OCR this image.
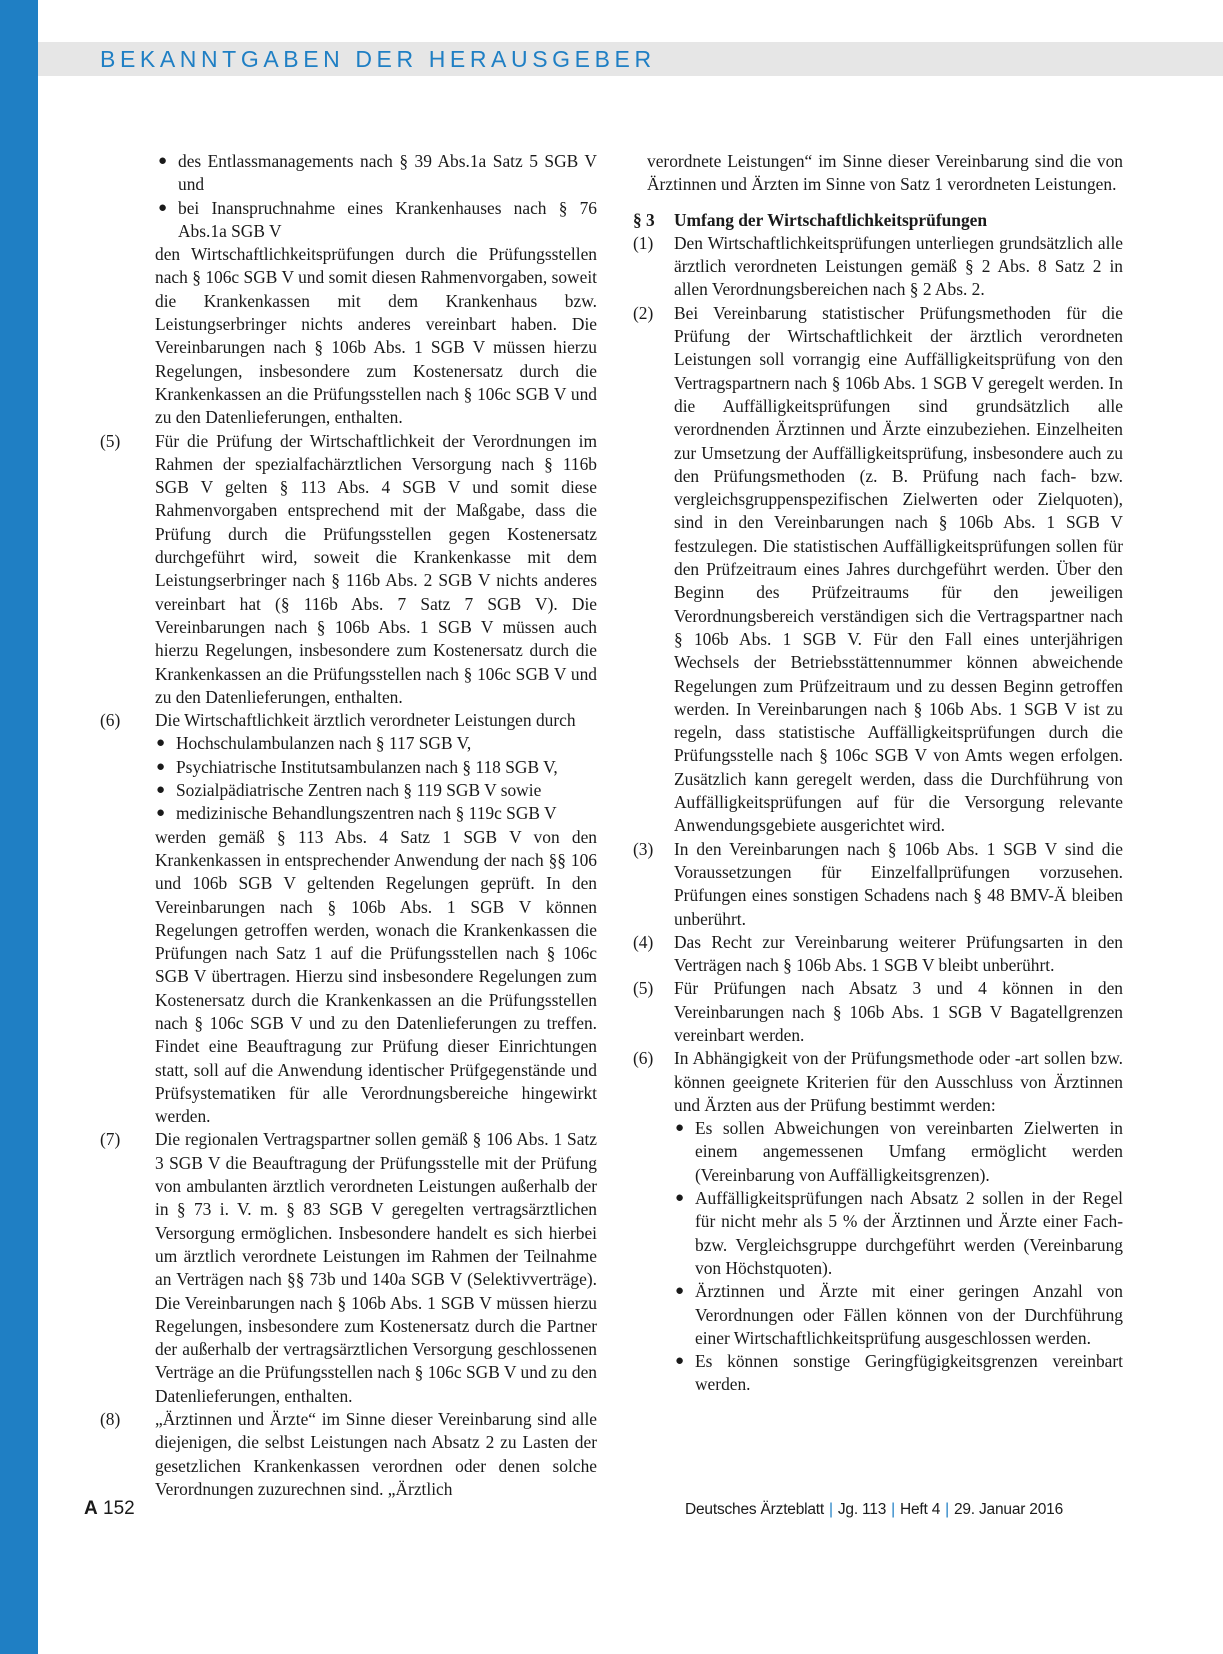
BEKANNTGABEN DER HERAUSGEBER
● des Entlassmanagements nach § 39 Abs.1a Satz 5 SGB V und
● bei Inanspruchnahme eines Krankenhauses nach § 76 Abs.1a SGB V

den Wirtschaftlichkeitsprüfungen durch die Prüfungsstellen nach § 106c SGB V und somit diesen Rahmenvorgaben, soweit die Krankenkassen mit dem Krankenhaus bzw. Leistungserbringer nichts anderes vereinbart haben. Die Vereinbarungen nach § 106b Abs. 1 SGB V müssen hierzu Regelungen, insbesondere zum Kostenersatz durch die Krankenkassen an die Prüfungsstellen nach § 106c SGB V und zu den Datenlieferungen, enthalten.

(5)	Für die Prüfung der Wirtschaftlichkeit der Verordnungen im Rahmen der spezialfachärztlichen Versorgung nach § 116b SGB V gelten § 113 Abs. 4 SGB V und somit diese Rahmenvorgaben entsprechend mit der Maßgabe, dass die Prüfung durch die Prüfungsstellen gegen Kostenersatz durchgeführt wird, soweit die Krankenkasse mit dem Leistungserbringer nach § 116b Abs. 2 SGB V nichts anderes vereinbart hat (§ 116b Abs. 7 Satz 7 SGB V). Die Vereinbarungen nach § 106b Abs. 1 SGB V müssen auch hierzu Regelungen, insbesondere zum Kostenersatz durch die Krankenkassen an die Prüfungsstellen nach § 106c SGB V und zu den Datenlieferungen, enthalten.

(6)	Die Wirtschaftlichkeit ärztlich verordneter Leistungen durch

● Hochschulambulanzen nach § 117 SGB V,
● Psychiatrische Institutsambulanzen nach § 118 SGB V,
● Sozialpädiatrische Zentren nach § 119 SGB V sowie
● medizinische Behandlungszentren nach § 119c SGB V

werden gemäß § 113 Abs. 4 Satz 1 SGB V von den Krankenkassen in entsprechender Anwendung der nach §§ 106 und 106b SGB V geltenden Regelungen geprüft. In den Vereinbarungen nach § 106b Abs. 1 SGB V können Regelungen getroffen werden, wonach die Krankenkassen die Prüfungen nach Satz 1 auf die Prüfungsstellen nach § 106c SGB V übertragen. Hierzu sind insbesondere Regelungen zum Kostenersatz durch die Krankenkassen an die Prüfungsstellen nach § 106c SGB V und zu den Datenlieferungen zu treffen. Findet eine Beauftragung zur Prüfung dieser Einrichtungen statt, soll auf die Anwendung identischer Prüfgegenstände und Prüfsystematiken für alle Verordnungsbereiche hingewirkt werden.

(7)	Die regionalen Vertragspartner sollen gemäß § 106 Abs. 1 Satz 3 SGB V die Beauftragung der Prüfungsstelle mit der Prüfung von ambulanten ärztlich verordneten Leistungen außerhalb der in § 73 i. V. m. § 83 SGB V geregelten vertragsärztlichen Versorgung ermöglichen. Insbesondere handelt es sich hierbei um ärztlich verordnete Leistungen im Rahmen der Teilnahme an Verträgen nach §§ 73b und 140a SGB V (Selektivverträge). Die Vereinbarungen nach § 106b Abs. 1 SGB V müssen hierzu Regelungen, insbesondere zum Kostenersatz durch die Partner der außerhalb der vertragsärztlichen Versorgung geschlossenen Verträge an die Prüfungsstellen nach § 106c SGB V und zu den Datenlieferungen, enthalten.

(8)	„Ärztinnen und Ärzte“ im Sinne dieser Vereinbarung sind alle diejenigen, die selbst Leistungen nach Absatz 2 zu Lasten der gesetzlichen Krankenkassen verordnen oder denen solche Verordnungen zuzurechnen sind. „Ärztlich

verordnete Leistungen“ im Sinne dieser Vereinbarung sind die von Ärztinnen und Ärzten im Sinne von Satz 1 verordneten Leistungen.

§ 3	Umfang der Wirtschaftlichkeitsprüfungen
(1)	Den Wirtschaftlichkeitsprüfungen unterliegen grundsätzlich alle ärztlich verordneten Leistungen gemäß § 2 Abs. 8 Satz 2 in allen Verordnungsbereichen nach § 2 Abs. 2.

(2)	Bei Vereinbarung statistischer Prüfungsmethoden für die Prüfung der Wirtschaftlichkeit der ärztlich verordneten Leistungen soll vorrangig eine Auffälligkeitsprüfung von den Vertragspartnern nach § 106b Abs. 1 SGB V geregelt werden. In die Auffälligkeitsprüfungen sind grundsätzlich alle verordnenden Ärztinnen und Ärzte einzubeziehen. Einzelheiten zur Umsetzung der Auffälligkeitsprüfung, insbesondere auch zu den Prüfungsmethoden (z. B. Prüfung nach fach- bzw. vergleichsgruppenspezifischen Zielwerten oder Zielquoten), sind in den Vereinbarungen nach § 106b Abs. 1 SGB V festzulegen. Die statistischen Auffälligkeitsprüfungen sollen für den Prüfzeitraum eines Jahres durchgeführt werden. Über den Beginn des Prüfzeitraums für den jeweiligen Verordnungsbereich verständigen sich die Vertragspartner nach § 106b Abs. 1 SGB V. Für den Fall eines unterjährigen Wechsels der Betriebsstättennummer können abweichende Regelungen zum Prüfzeitraum und zu dessen Beginn getroffen werden. In Vereinbarungen nach § 106b Abs. 1 SGB V ist zu regeln, dass statistische Auffälligkeitsprüfungen durch die Prüfungsstelle nach § 106c SGB V von Amts wegen erfolgen. Zusätzlich kann geregelt werden, dass die Durchführung von Auffälligkeitsprüfungen auf für die Versorgung relevante Anwendungsgebiete ausgerichtet wird.

(3)	In den Vereinbarungen nach § 106b Abs. 1 SGB V sind die Voraussetzungen für Einzelfallprüfungen vorzusehen. Prüfungen eines sonstigen Schadens nach § 48 BMV-Ä bleiben unberührt.

(4)	Das Recht zur Vereinbarung weiterer Prüfungsarten in den Verträgen nach § 106b Abs. 1 SGB V bleibt unberührt.

(5)	Für Prüfungen nach Absatz 3 und 4 können in den Vereinbarungen nach § 106b Abs. 1 SGB V Bagatellgrenzen vereinbart werden.

(6)	In Abhängigkeit von der Prüfungsmethode oder -art sollen bzw. können geeignete Kriterien für den Ausschluss von Ärztinnen und Ärzten aus der Prüfung bestimmt werden:

● Es sollen Abweichungen von vereinbarten Zielwerten in einem angemessenen Umfang ermöglicht werden (Vereinbarung von Auffälligkeitsgrenzen).
● Auffälligkeitsprüfungen nach Absatz 2 sollen in der Regel für nicht mehr als 5 % der Ärztinnen und Ärzte einer Fach- bzw. Vergleichsgruppe durchgeführt werden (Vereinbarung von Höchstquoten).
● Ärztinnen und Ärzte mit einer geringen Anzahl von Verordnungen oder Fällen können von der Durchführung einer Wirtschaftlichkeitsprüfung ausgeschlossen werden.
● Es können sonstige Geringfügigkeitsgrenzen vereinbart werden.
A 152	Deutsches Ärzteblatt | Jg. 113 | Heft 4 | 29. Januar 2016
